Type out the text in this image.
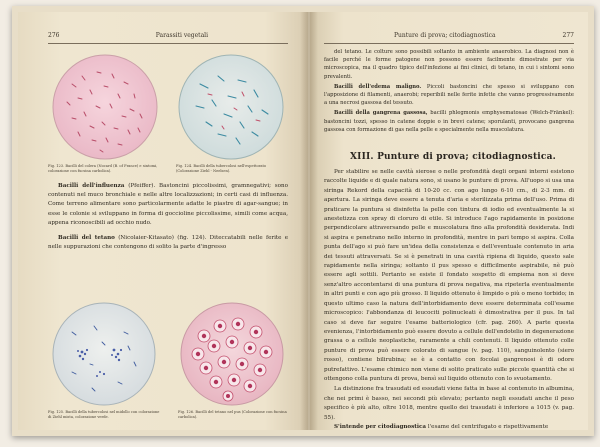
276	Parassiti vegetali
Fig. 123. Bacilli del colera (Nocard (B. of France) e sintomi, colorazione con fucsina carbolica).
Fig. 124. Bacilli della tubercolosi nell'espettorato (Colorazione Ziehl - Neelsen).

Bacilli dell'influenza (Pfeiffer). Bastoncini piccolissimi, gramnegativi; sono contenuti nel muco bronchiale e nelle altre localizzazioni; in certi casi di influenza. Come terreno alimentare sono particolarmente adatte le piastre di agar-sangue; in esse le colonie si sviluppano in forma di goccioline piccolissime, simili come acqua, appena riconoscibili ad occhio nudo.

Bacilli del tetano (Nicolaier-Kitasato) (fig. 124). Diteccatabili nelle ferite e nelle suppurazioni che contengono di solito la parte d'ingresso

Fig. 125. Bacilli della tubercolosi nel midollo con colorazione di Ziehl mista, colorazione verde.
Fig. 126. Bacilli del tetano nel pus (Colorazione con fucsina carbolica).
Punture di prova; citodiagnostica	277

del tetano. Le colture sono possibili soltanto in ambiente anaerobico. La diagnosi non è facile perché le forme patogene non possono essere facilmente dimostrate per via microscopica, ma il quadro tipico dell'infezione ai fini clinici, di tetano, in cui i sintomi sono prevalenti.

Bacilli dell'edema maligno. Piccoli bastoncini che spesso si sviluppano con l'apposizione di filamenti, anaerobi; reperibili nelle ferite infette che vanno progressivamente a una necrosi gassosa del tessuto.

Bacilli della gangrena gassosa, bacilli phlegmonis emphysematosae (Welch-Fränkel): bastoncini tozzi, spesso in catene doppie o in brevi catene; sporulanti, provocano gangrena gassosa con formazione di gas nella pelle e specialmente nella muscolatura.

XIII. Punture di prova; citodiagnostica.

Per stabilire se nelle cavità sierose o nelle profondità degli organi interni esistono raccolte liquide e di quale natura sono, si usano le punture di prova. All'uopo si usa una siringa Rekord della capacità di 10-20 cc. con ago lungo 6-10 cm., di 2-3 mm. di apertura. La siringa deve essere a tenuta d'aria e sterilizzata prima dell'uso. Prima di praticare la puntura si disinfetta la pelle con tintura di iodio ed eventualmente la si anestetizza con spray di cloruro di etile. Si introduce l'ago rapidamente in posizione perpendicolare attraversando pelle e muscolatura fino alla profondità desiderata. Indi si aspira e penetrano nello interno in profondità, mentre in pari tempo si aspira. Colla punta dell'ago si può fare un'idea della consistenza e dell'eventuale contenuto in aria dei tessuti attraversati. Se si è penetrati in una cavità ripiena di liquido, questo sale rapidamente nella siringa; soltanto il pus spesso e difficilmente aspirabile, nè può essere agli sottili. Pertanto se esiste il fondato sospetto di empiema non si deve senz'altro accontentarsi di una puntura di prova negativa, ma ripeterla eventualmente in altri punti e con ago più grosso. Il liquido ottenuto è limpido o più o meno torbido; in questo ultimo caso la natura dell'intorbidamento deve essere determinata coll'esame microscopico: l'abbondanza di leucociti polinucleati è dimostrativa per il pus. In tal caso si deve far seguire l'esame batteriologico (cfr. pag. 260). A parte questa evenienza, l'intorbidamento può essere dovuto a cellule dell'endotelio in degenerazione grassa o a cellule neoplastiche, raramente a chili contenuti. Il liquido ottenuto colle punture di prova può essere colorato di sangue (v. pag. 110), sanguinolento (siero rosso), contiene bilirubina; se è a contatto con focolai gangrenosi è di odore putrefattivo. L'esame chimico non viene di solito praticato sulle piccole quantità che si ottengono colla puntura di prova, bensì sul liquido ottenuto con lo svuotamento.

La distinzione fra trasudati ed essudati viene fatta in base al contenuto in albumina, che nei primi è basso, nei secondi più elevato; pertanto negli essudati anche il peso specifico è più alto, oltre 1018, mentre quello dei trasudati è inferiore a 1015 (v. pag. 55).

S'intende per citodiagnostica l'esame del centrifugato e rispettivamente
